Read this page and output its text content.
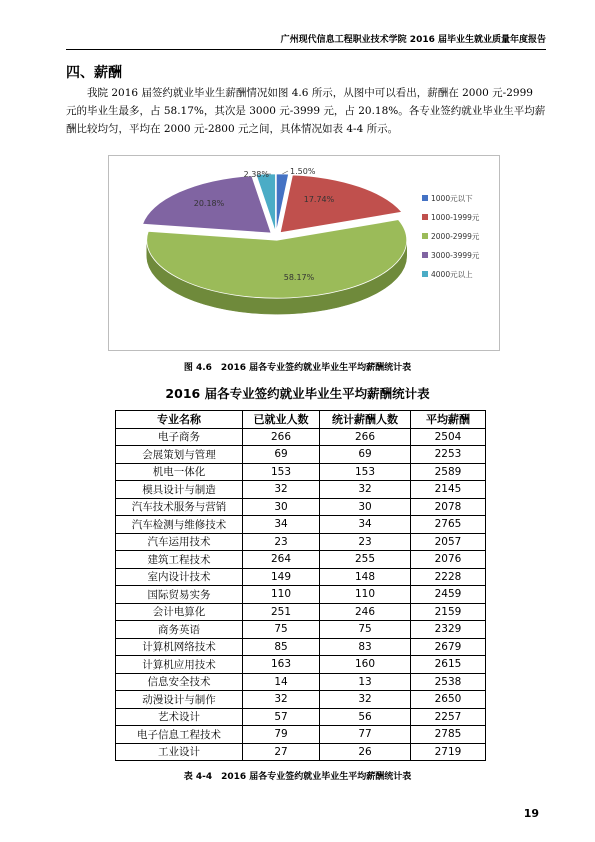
广州现代信息工程职业技术学院 2016 届毕业生就业质量年度报告
四、薪酬

我院 2016 届签约就业毕业生薪酬情况如图 4.6 所示，从图中可以看出，薪酬在 2000 元-2999 元的毕业生最多，占 58.17%，其次是 3000 元-3999 元，占 20.18%。各专业签约就业毕业生平均薪酬比较均匀，平均在 2000 元-2800 元之间，具体情况如表 4-4 所示。

1.50%
17.74%
58.17%
20.18%
2.38%
1000元以下
1000-1999元
2000-2999元
3000-3999元
4000元以上
图 4.6　2016 届各专业签约就业毕业生平均薪酬统计表
2016 届各专业签约就业毕业生平均薪酬统计表
专业名称	已就业人数	统计薪酬人数	平均薪酬
电子商务	266	266	2504
会展策划与管理	69	69	2253
机电一体化	153	153	2589
模具设计与制造	32	32	2145
汽车技术服务与营销	30	30	2078
汽车检测与维修技术	34	34	2765
汽车运用技术	23	23	2057
建筑工程技术	264	255	2076
室内设计技术	149	148	2228
国际贸易实务	110	110	2459
会计电算化	251	246	2159
商务英语	75	75	2329
计算机网络技术	85	83	2679
计算机应用技术	163	160	2615
信息安全技术	14	13	2538
动漫设计与制作	32	32	2650
艺术设计	57	56	2257
电子信息工程技术	79	77	2785
工业设计	27	26	2719
表 4-4　2016 届各专业签约就业毕业生平均薪酬统计表
19
